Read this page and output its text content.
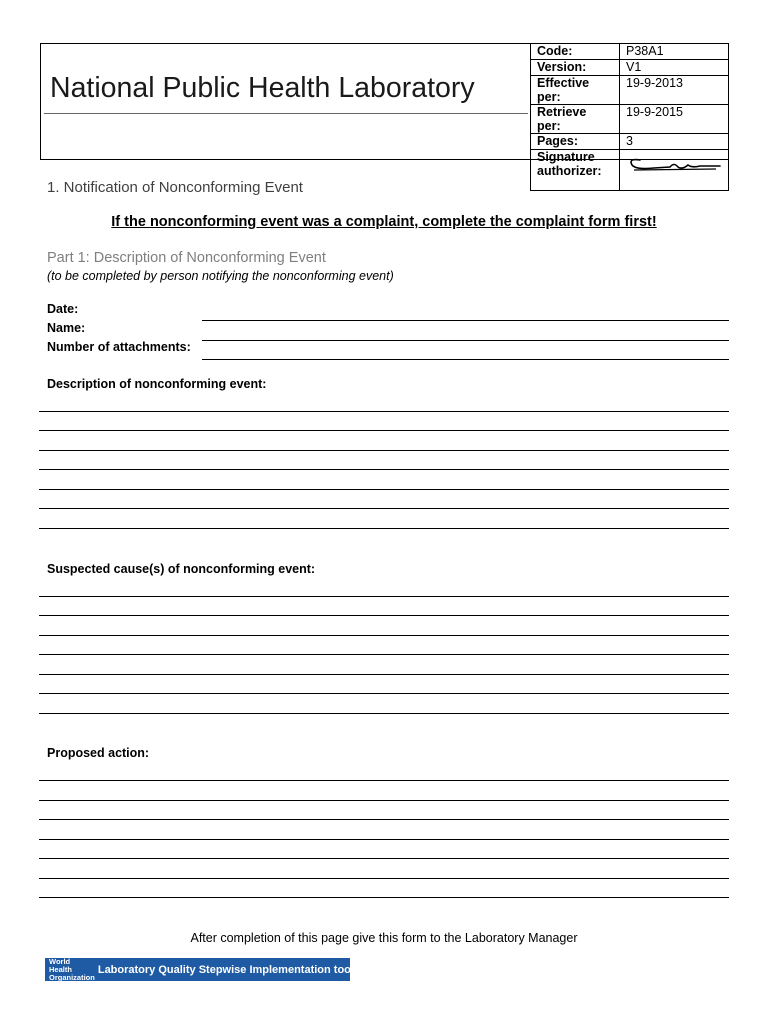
National Public Health Laboratory
Code:	P38A1
Version:	V1
Effective per:	19-9-2013
Retrieve per:	19-9-2015
Pages:	3
Signature authorizer:	
1. Notification of Nonconforming Event
If the nonconforming event was a complaint, complete the complaint form first!
Part 1: Description of Nonconforming Event
(to be completed by person notifying the nonconforming event)
Date:
Name:
Number of attachments:
Description of nonconforming event:
Suspected cause(s) of nonconforming event:
Proposed action:
After completion of this page give this form to the Laboratory Manager
World Health
Organization
Laboratory Quality Stepwise Implementation tool
